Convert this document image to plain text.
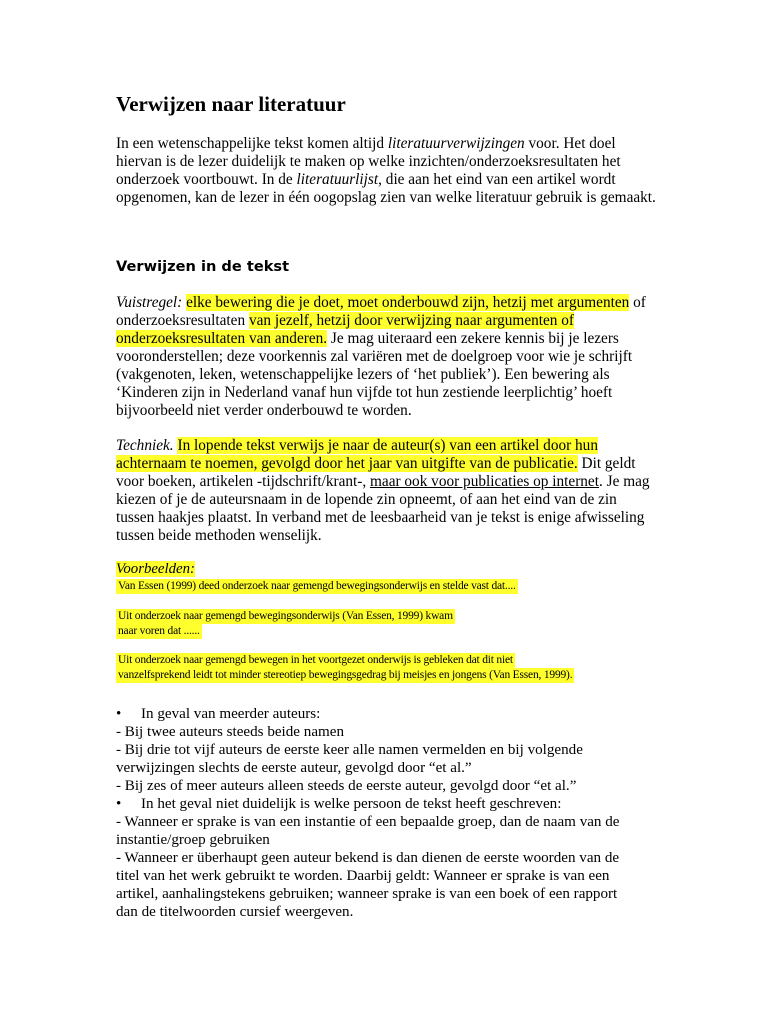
Verwijzen naar literatuur

In een wetenschappelijke tekst komen altijd literatuurverwijzingen voor. Het doel hiervan is de lezer duidelijk te maken op welke inzichten/onderzoeksresultaten het onderzoek voortbouwt. In de literatuurlijst, die aan het eind van een artikel wordt opgenomen, kan de lezer in één oogopslag zien van welke literatuur gebruik is gemaakt.

Verwijzen in de tekst

Vuistregel: elke bewering die je doet, moet onderbouwd zijn, hetzij met argumenten of onderzoeksresultaten van jezelf, hetzij door verwijzing naar argumenten of onderzoeksresultaten van anderen. Je mag uiteraard een zekere kennis bij je lezers vooronderstellen; deze voorkennis zal variëren met de doelgroep voor wie je schrijft (vakgenoten, leken, wetenschappelijke lezers of ‘het publiek’). Een bewering als ‘Kinderen zijn in Nederland vanaf hun vijfde tot hun zestiende leerplichtig’ hoeft bijvoorbeeld niet verder onderbouwd te worden.

Techniek. In lopende tekst verwijs je naar de auteur(s) van een artikel door hun achternaam te noemen, gevolgd door het jaar van uitgifte van de publicatie. Dit geldt voor boeken, artikelen -tijdschrift/krant-, maar ook voor publicaties op internet. Je mag kiezen of je de auteursnaam in de lopende zin opneemt, of aan het eind van de zin tussen haakjes plaatst. In verband met de leesbaarheid van je tekst is enige afwisseling tussen beide methoden wenselijk.

Voorbeelden:
Van Essen (1999) deed onderzoek naar gemengd bewegingsonderwijs en stelde vast dat....
Uit onderzoek naar gemengd bewegingsonderwijs (Van Essen, 1999) kwam
naar voren dat ......
Uit onderzoek naar gemengd bewegen in het voortgezet onderwijs is gebleken dat dit niet
vanzelfsprekend leidt tot minder stereotiep bewegingsgedrag bij meisjes en jongens (Van Essen, 1999).
•	In geval van meerder auteurs:
- Bij twee auteurs steeds beide namen
- Bij drie tot vijf auteurs de eerste keer alle namen vermelden en bij volgende
verwijzingen slechts de eerste auteur, gevolgd door “et al.”
- Bij zes of meer auteurs alleen steeds de eerste auteur, gevolgd door “et al.”
•	In het geval niet duidelijk is welke persoon de tekst heeft geschreven:
- Wanneer er sprake is van een instantie of een bepaalde groep, dan de naam van de
instantie/groep gebruiken
- Wanneer er überhaupt geen auteur bekend is dan dienen de eerste woorden van de
titel van het werk gebruikt te worden. Daarbij geldt: Wanneer er sprake is van een
artikel, aanhalingstekens gebruiken; wanneer sprake is van een boek of een rapport
dan de titelwoorden cursief weergeven.
